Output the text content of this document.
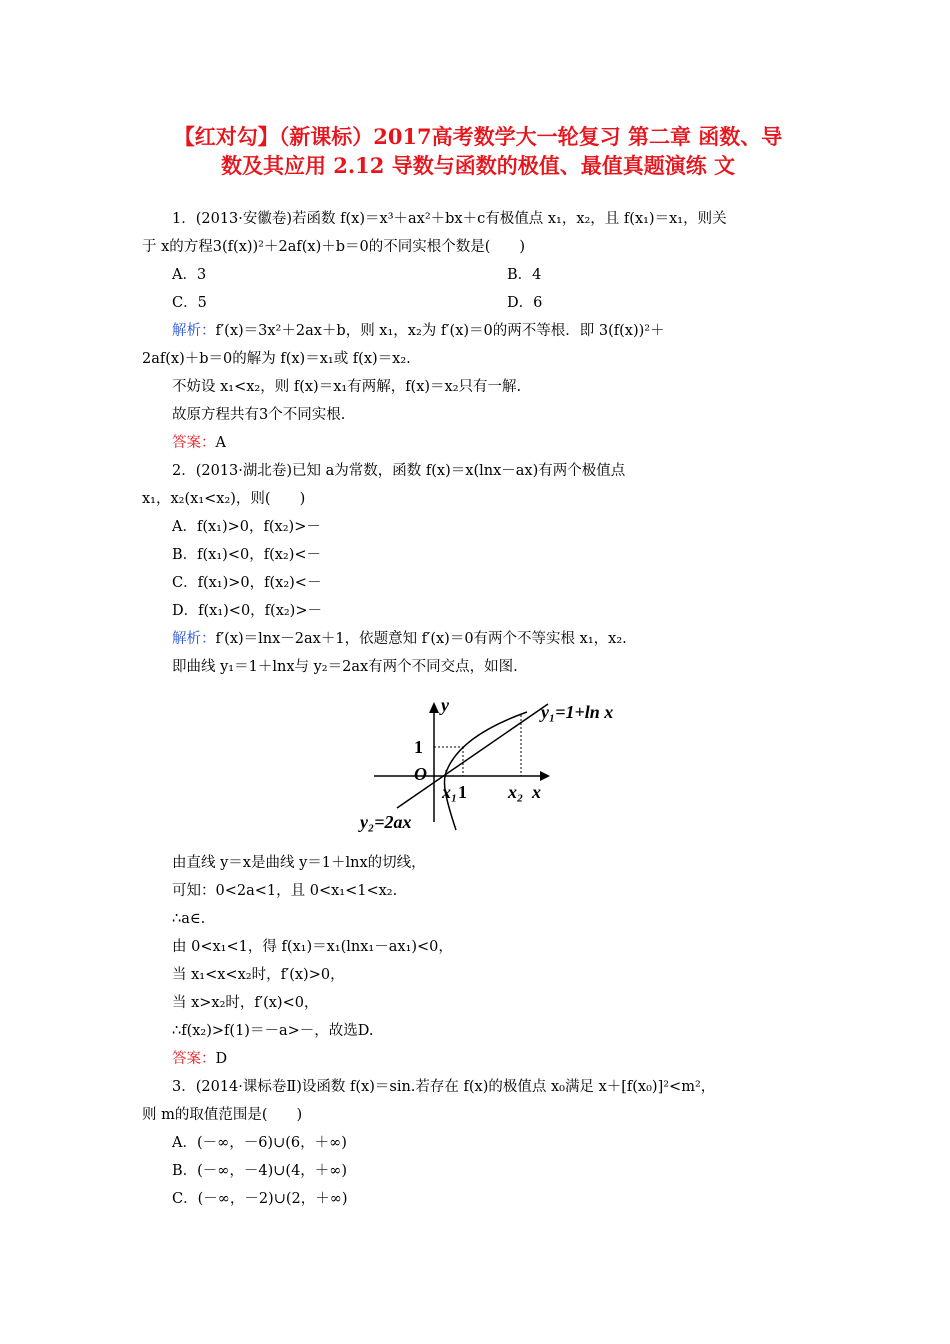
【红对勾】（新课标）2017高考数学大一轮复习 第二章 函数、导
数及其应用 2.12 导数与函数的极值、最值真题演练 文
1．(2013·安徽卷)若函数 f(x)＝x³＋ax²＋bx＋c有极值点 x₁，x₂，且 f(x₁)＝x₁，则关
于 x的方程3(f(x))²＋2af(x)＋b＝0的不同实根个数是(　　)
A．3	B．4
C．5	D．6
解析：f′(x)＝3x²＋2ax＋b，则 x₁，x₂为 f′(x)＝0的两不等根．即 3(f(x))²＋
2af(x)＋b＝0的解为 f(x)＝x₁或 f(x)＝x₂.
不妨设 x₁<x₂，则 f(x)＝x₁有两解，f(x)＝x₂只有一解.
故原方程共有3个不同实根.
答案：A
2．(2013·湖北卷)已知 a为常数，函数 f(x)＝x(lnx－ax)有两个极值点
x₁，x₂(x₁<x₂)，则(　　)
A．f(x₁)>0，f(x₂)>－
B．f(x₁)<0，f(x₂)<－
C．f(x₁)>0，f(x₂)<－
D．f(x₁)<0，f(x₂)>－
解析：f′(x)＝lnx－2ax＋1，依题意知 f′(x)＝0有两个不等实根 x₁，x₂.
即曲线 y₁＝1＋lnx与 y₂＝2ax有两个不同交点，如图.
y
x
O
x₁	x₂
y₁=1+ln x
y₂=2ax
1
1
由直线 y＝x是曲线 y＝1＋lnx的切线，
可知：0<2a<1，且 0<x₁<1<x₂.
∴a∈.
由 0<x₁<1，得 f(x₁)＝x₁(lnx₁－ax₁)<0，
当 x₁<x<x₂时，f′(x)>0，
当 x>x₂时，f′(x)<0，
∴f(x₂)>f(1)＝－a>－，故选D.
答案：D
3．(2014·课标卷Ⅱ)设函数 f(x)＝sin.若存在 f(x)的极值点 x₀满足 x＋[f(x₀)]²<m²，
则 m的取值范围是(　　)
A．(－∞，－6)∪(6，＋∞)
B．(－∞，－4)∪(4，＋∞)
C．(－∞，－2)∪(2，＋∞)
